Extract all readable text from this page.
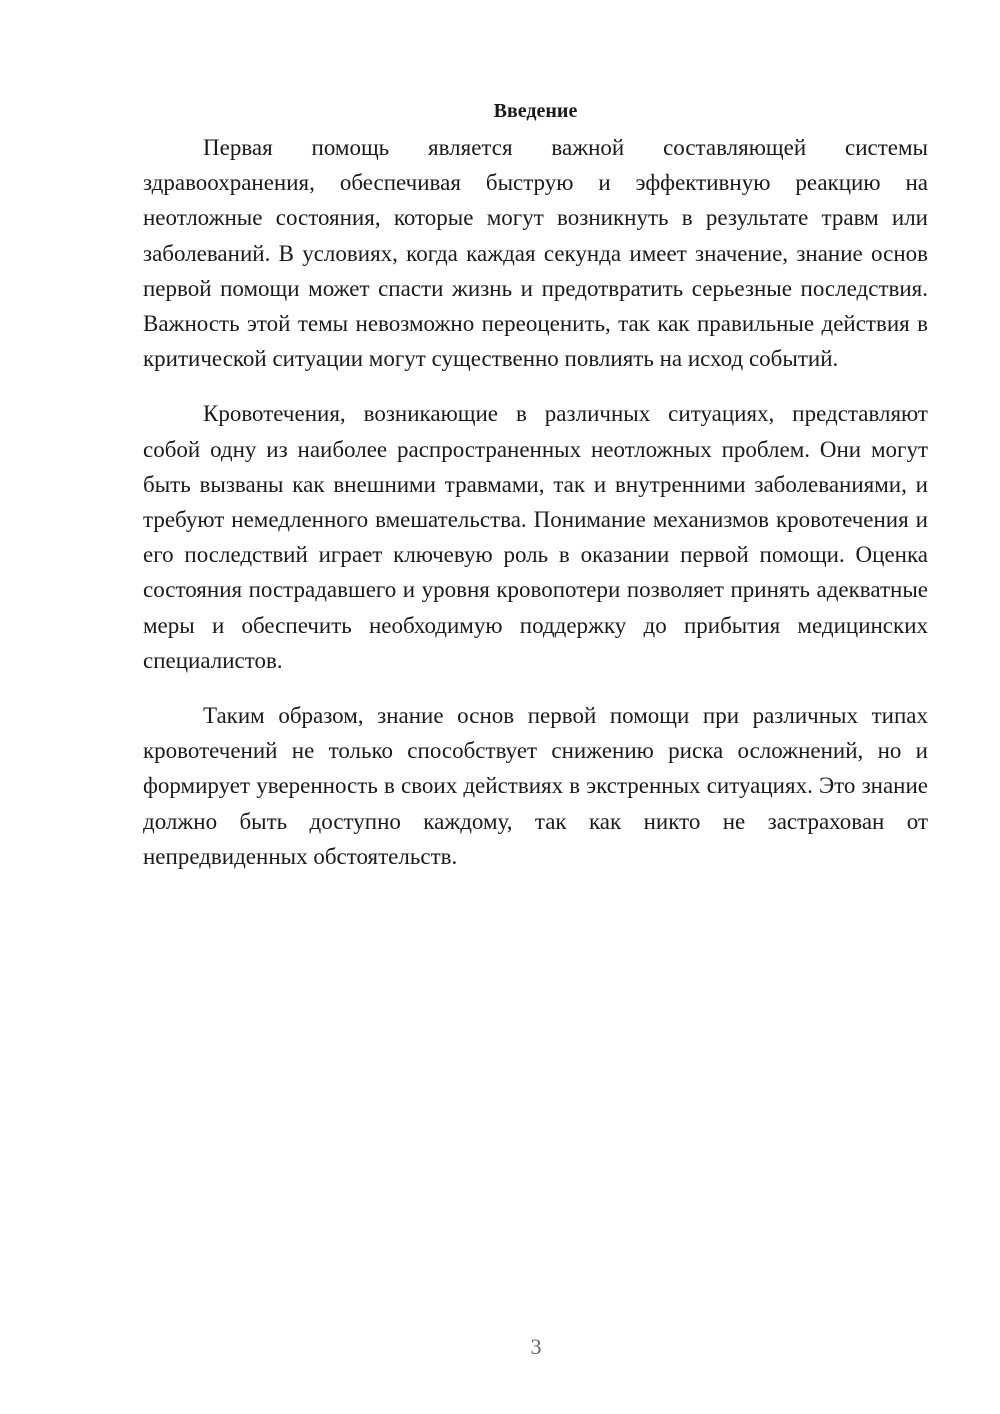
Введение

Первая помощь является важной составляющей системы здравоохранения, обеспечивая быструю и эффективную реакцию на неотложные состояния, которые могут возникнуть в результате травм или заболеваний. В условиях, когда каждая секунда имеет значение, знание основ первой помощи может спасти жизнь и предотвратить серьезные последствия. Важность этой темы невозможно переоценить, так как правильные действия в критической ситуации могут существенно повлиять на исход событий.

Кровотечения, возникающие в различных ситуациях, представляют собой одну из наиболее распространенных неотложных проблем. Они могут быть вызваны как внешними травмами, так и внутренними заболеваниями, и требуют немедленного вмешательства. Понимание механизмов кровотечения и его последствий играет ключевую роль в оказании первой помощи. Оценка состояния пострадавшего и уровня кровопотери позволяет принять адекватные меры и обеспечить необходимую поддержку до прибытия медицинских специалистов.

Таким образом, знание основ первой помощи при различных типах кровотечений не только способствует снижению риска осложнений, но и формирует уверенность в своих действиях в экстренных ситуациях. Это знание должно быть доступно каждому, так как никто не застрахован от непредвиденных обстоятельств.

3
